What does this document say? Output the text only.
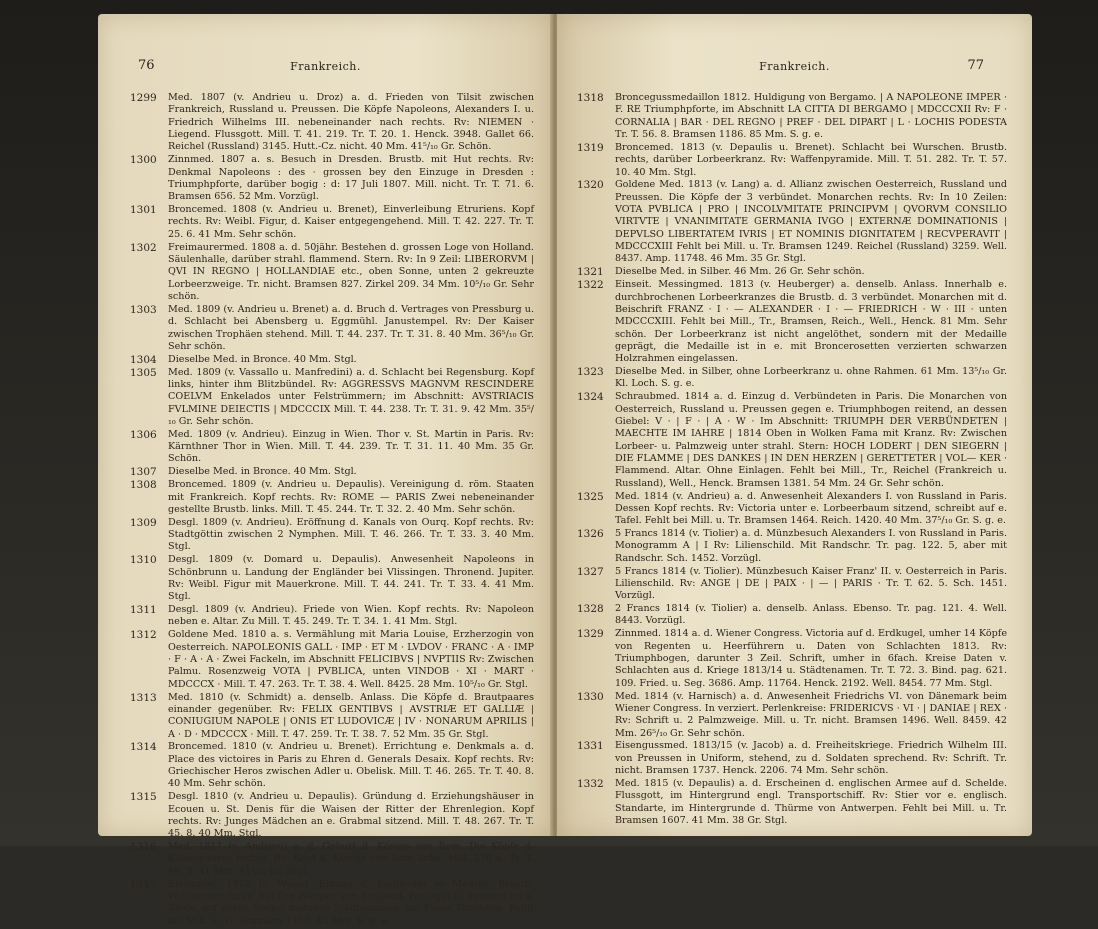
76	Frankreich.
1299 Med. 1807 (v. Andrieu u. Droz) a. d. Frieden von Tilsit zwischen Frankreich, Russland u. Preussen. Die Köpfe Napoleons, Alexanders I. u. Friedrich Wilhelms III. nebeneinander nach rechts. Rv: NIEMEN · Liegend. Flussgott. Mill. T. 41. 219. Tr. T. 20. 1. Henck. 3948. Gallet 66. Reichel (Russland) 3145. Hutt.-Cz. nicht. 40 Mm. 41⁵/₁₀ Gr. Schön.
1300 Zinnmed. 1807 a. s. Besuch in Dresden. Brustb. mit Hut rechts. Rv: Denkmal Napoleons : des · grossen bey den Einzuge in Dresden : Triumphpforte, darüber bogig : d: 17 Juli 1807. Mill. nicht. Tr. T. 71. 6. Bramsen 656. 52 Mm. Vorzügl.
1301 Broncemed. 1808 (v. Andrieu u. Brenet), Einverleibung Etruriens. Kopf rechts. Rv: Weibl. Figur, d. Kaiser entgegengehend. Mill. T. 42. 227. Tr. T. 25. 6. 41 Mm. Sehr schön.
1302 Freimaurermed. 1808 a. d. 50jähr. Bestehen d. grossen Loge von Holland. Säulenhalle, darüber strahl. flammend. Stern. Rv: In 9 Zeil: LIBERORVM | QVI IN REGNO | HOLLANDIAE etc., oben Sonne, unten 2 gekreuzte Lorbeerzweige. Tr. nicht. Bramsen 827. Zirkel 209. 34 Mm. 10⁵/₁₀ Gr. Sehr schön.
1303 Med. 1809 (v. Andrieu u. Brenet) a. d. Bruch d. Vertrages von Pressburg u. d. Schlacht bei Abensberg u. Eggmühl. Janustempel. Rv: Der Kaiser zwischen Trophäen stehend. Mill. T. 44. 237. Tr. T. 31. 8. 40 Mm. 36⁵/₁₀ Gr. Sehr schön.
1304 Dieselbe Med. in Bronce. 40 Mm. Stgl.
1305 Med. 1809 (v. Vassallo u. Manfredini) a. d. Schlacht bei Regensburg. Kopf links, hinter ihm Blitzbündel. Rv: AGGRESSVS MAGNVM RESCINDERE COELVM Enkelados unter Felstrümmern; im Abschnitt: AVSTRIACIS FVLMINE DEIECTIS | MDCCCIX Mill. T. 44. 238. Tr. T. 31. 9. 42 Mm. 35⁵/₁₀ Gr. Sehr schön.
1306 Med. 1809 (v. Andrieu). Einzug in Wien. Thor v. St. Martin in Paris. Rv: Kärnthner Thor in Wien. Mill. T. 44. 239. Tr. T. 31. 11. 40 Mm. 35 Gr. Schön.
1307 Dieselbe Med. in Bronce. 40 Mm. Stgl.
1308 Broncemed. 1809 (v. Andrieu u. Depaulis). Vereinigung d. röm. Staaten mit Frankreich. Kopf rechts. Rv: ROME — PARIS Zwei nebeneinander gestellte Brustb. links. Mill. T. 45. 244. Tr. T. 32. 2. 40 Mm. Sehr schön.
1309 Desgl. 1809 (v. Andrieu). Eröffnung d. Kanals von Ourq. Kopf rechts. Rv: Stadtgöttin zwischen 2 Nymphen. Mill. T. 46. 266. Tr. T. 33. 3. 40 Mm. Stgl.
1310 Desgl. 1809 (v. Domard u. Depaulis). Anwesenheit Napoleons in Schönbrunn u. Landung der Engländer bei Vlissingen. Thronend. Jupiter. Rv: Weibl. Figur mit Mauerkrone. Mill. T. 44. 241. Tr. T. 33. 4. 41 Mm. Stgl.
1311 Desgl. 1809 (v. Andrieu). Friede von Wien. Kopf rechts. Rv: Napoleon neben e. Altar. Zu Mill. T. 45. 249. Tr. T. 34. 1. 41 Mm. Stgl.
1312 Goldene Med. 1810 a. s. Vermählung mit Maria Louise, Erzherzogin von Oesterreich. NAPOLEONIS GALL · IMP · ET M · LVDOV · FRANC · A · IMP · F · A · A · Zwei Fackeln, im Abschnitt FELICIBVS | NVPTIIS Rv: Zwischen Palmu. Rosenzweig VOTA | PVBLICA, unten VINDOB · XI · MART · MDCCCX · Mill. T. 47. 263. Tr. T. 38. 4. Well. 8425. 28 Mm. 10⁵/₁₀ Gr. Stgl.
1313 Med. 1810 (v. Schmidt) a. denselb. Anlass. Die Köpfe d. Brautpaares einander gegenüber. Rv: FELIX GENTIBVS | AVSTRIÆ ET GALLIÆ | CONIUGIUM NAPOLE | ONIS ET LUDOVICÆ | IV · NONARUM APRILIS | A · D · MDCCCX · Mill. T. 47. 259. Tr. T. 38. 7. 52 Mm. 35 Gr. Stgl.
1314 Broncemed. 1810 (v. Andrieu u. Brenet). Errichtung e. Denkmals a. d. Place des victoires in Paris zu Ehren d. Generals Desaix. Kopf rechts. Rv: Griechischer Heros zwischen Adler u. Obelisk. Mill. T. 46. 265. Tr. T. 40. 8. 40 Mm. Sehr schön.
1315 Desgl. 1810 (v. Andrieu u. Depaulis). Gründung d. Erziehungshäuser in Ecouen u. St. Denis für die Waisen der Ritter der Ehrenlegion. Kopf rechts. Rv: Junges Mädchen an e. Grabmal sitzend. Mill. T. 48. 267. Tr. T. 45. 8. 40 Mm. Stgl.
1316 Med. 1811 (v. Andrieu) a. d. Geburt d. Königs von Rom. Die Köpfe d. Kaiserpaares rechts. Rv: Kopf d. Königs von Rom links. Mill. 270 a. Tr. T. 49. 3. 41 Mm. 41⁵/₁₀ Gr. Stgl.
1317 Eisenmed. 1812 (v. Wyon). Einzug d. Engländer in Madrid. Brustb. Wellingtons links. Rv: Die Wappen von England, Portugal u. Spanien an e. Säule, auf deren Sockel mehrere Städtenamen; am Fusse Trophäen. Fehlt bei Mill. u. Tr. Bramsen 1160. 43 Mm. S. g. e.
77
Frankreich.
1318 Broncegussmedaillon 1812. Huldigung von Bergamo. | A NAPOLEONE IMPER · F. RE Triumphpforte, im Abschnitt LA CITTA DI BERGAMO | MDCCCXII Rv: F · CORNALIA | BAR · DEL REGNO | PREF · DEL DIPART | L · LOCHIS PODESTA Tr. T. 56. 8. Bramsen 1186. 85 Mm. S. g. e.
1319 Broncemed. 1813 (v. Depaulis u. Brenet). Schlacht bei Wurschen. Brustb. rechts, darüber Lorbeerkranz. Rv: Waffenpyramide. Mill. T. 51. 282. Tr. T. 57. 10. 40 Mm. Stgl.
1320 Goldene Med. 1813 (v. Lang) a. d. Allianz zwischen Oesterreich, Russland und Preussen. Die Köpfe der 3 verbündet. Monarchen rechts. Rv: In 10 Zeilen: VOTA PVBLICA | PRO | INCOLVMITATE PRINCIPVM | QVORVM CONSILIO VIRTVTE | VNANIMITATE GERMANIA IVGO | EXTERNÆ DOMINATIONIS | DEPVLSO LIBERTATEM IVRIS | ET NOMINIS DIGNITATEM | RECVPERAVIT | MDCCCXIII Fehlt bei Mill. u. Tr. Bramsen 1249. Reichel (Russland) 3259. Well. 8437. Amp. 11748. 46 Mm. 35 Gr. Stgl.
1321 Dieselbe Med. in Silber. 46 Mm. 26 Gr. Sehr schön.
1322 Einseit. Messingmed. 1813 (v. Heuberger) a. denselb. Anlass. Innerhalb e. durchbrochenen Lorbeerkranzes die Brustb. d. 3 verbündet. Monarchen mit d. Beischrift FRANZ · I · — ALEXANDER · I · — FRIEDRICH · W · III · unten MDCCCXIII. Fehlt bei Mill., Tr., Bramsen, Reich., Well., Henck. 81 Mm. Sehr schön. Der Lorbeerkranz ist nicht angelöthet, sondern mit der Medaille geprägt, die Medaille ist in e. mit Broncerosetten verzierten schwarzen Holzrahmen eingelassen.
1323 Dieselbe Med. in Silber, ohne Lorbeerkranz u. ohne Rahmen. 61 Mm. 13⁵/₁₀ Gr. Kl. Loch. S. g. e.
1324 Schraubmed. 1814 a. d. Einzug d. Verbündeten in Paris. Die Monarchen von Oesterreich, Russland u. Preussen gegen e. Triumphbogen reitend, an dessen Giebel: V · | F · | A · W · Im Abschnitt: TRIUMPH DER VERBÜNDETEN | MAECHTE IM IAHRE | 1814 Oben in Wolken Fama mit Kranz. Rv: Zwischen Lorbeer- u. Palmzweig unter strahl. Stern: HOCH LODERT | DEN SIEGERN | DIE FLAMME | DES DANKES | IN DEN HERZEN | GERETTETER | VOL— KER · Flammend. Altar. Ohne Einlagen. Fehlt bei Mill., Tr., Reichel (Frankreich u. Russland), Well., Henck. Bramsen 1381. 54 Mm. 24 Gr. Sehr schön.
1325 Med. 1814 (v. Andrieu) a. d. Anwesenheit Alexanders I. von Russland in Paris. Dessen Kopf rechts. Rv: Victoria unter e. Lorbeerbaum sitzend, schreibt auf e. Tafel. Fehlt bei Mill. u. Tr. Bramsen 1464. Reich. 1420. 40 Mm. 37⁵/₁₀ Gr. S. g. e.
1326 5 Francs 1814 (v. Tiolier) a. d. Münzbesuch Alexanders I. von Russland in Paris. Monogramm A | I Rv: Lilienschild. Mit Randschr. Tr. pag. 122. 5, aber mit Randschr. Sch. 1452. Vorzügl.
1327 5 Francs 1814 (v. Tiolier). Münzbesuch Kaiser Franz' II. v. Oesterreich in Paris. Lilienschild. Rv: ANGE | DE | PAIX · | — | PARIS · Tr. T. 62. 5. Sch. 1451. Vorzügl.
1328 2 Francs 1814 (v. Tiolier) a. denselb. Anlass. Ebenso. Tr. pag. 121. 4. Well. 8443. Vorzügl.
1329 Zinnmed. 1814 a. d. Wiener Congress. Victoria auf d. Erdkugel, umher 14 Köpfe von Regenten u. Heerführern u. Daten von Schlachten 1813. Rv: Triumphbogen, darunter 3 Zeil. Schrift, umher in 6fach. Kreise Daten v. Schlachten aus d. Kriege 1813/14 u. Städtenamen. Tr. T. 72. 3. Bind. pag. 621. 109. Fried. u. Seg. 3686. Amp. 11764. Henck. 2192. Well. 8454. 77 Mm. Stgl.
1330 Med. 1814 (v. Harnisch) a. d. Anwesenheit Friedrichs VI. von Dänemark beim Wiener Congress. In verziert. Perlenkreise: FRIDERICVS · VI · | DANIAE | REX · Rv: Schrift u. 2 Palmzweige. Mill. u. Tr. nicht. Bramsen 1496. Well. 8459. 42 Mm. 26⁵/₁₀ Gr. Sehr schön.
1331 Eisengussmed. 1813/15 (v. Jacob) a. d. Freiheitskriege. Friedrich Wilhelm III. von Preussen in Uniform, stehend, zu d. Soldaten sprechend. Rv: Schrift. Tr. nicht. Bramsen 1737. Henck. 2206. 74 Mm. Sehr schön.
1332 Med. 1815 (v. Depaulis) a. d. Erscheinen d. englischen Armee auf d. Schelde. Flussgott, im Hintergrund engl. Transportschiff. Rv: Stier vor e. englisch. Standarte, im Hintergrunde d. Thürme von Antwerpen. Fehlt bei Mill. u. Tr. Bramsen 1607. 41 Mm. 38 Gr. Stgl.
